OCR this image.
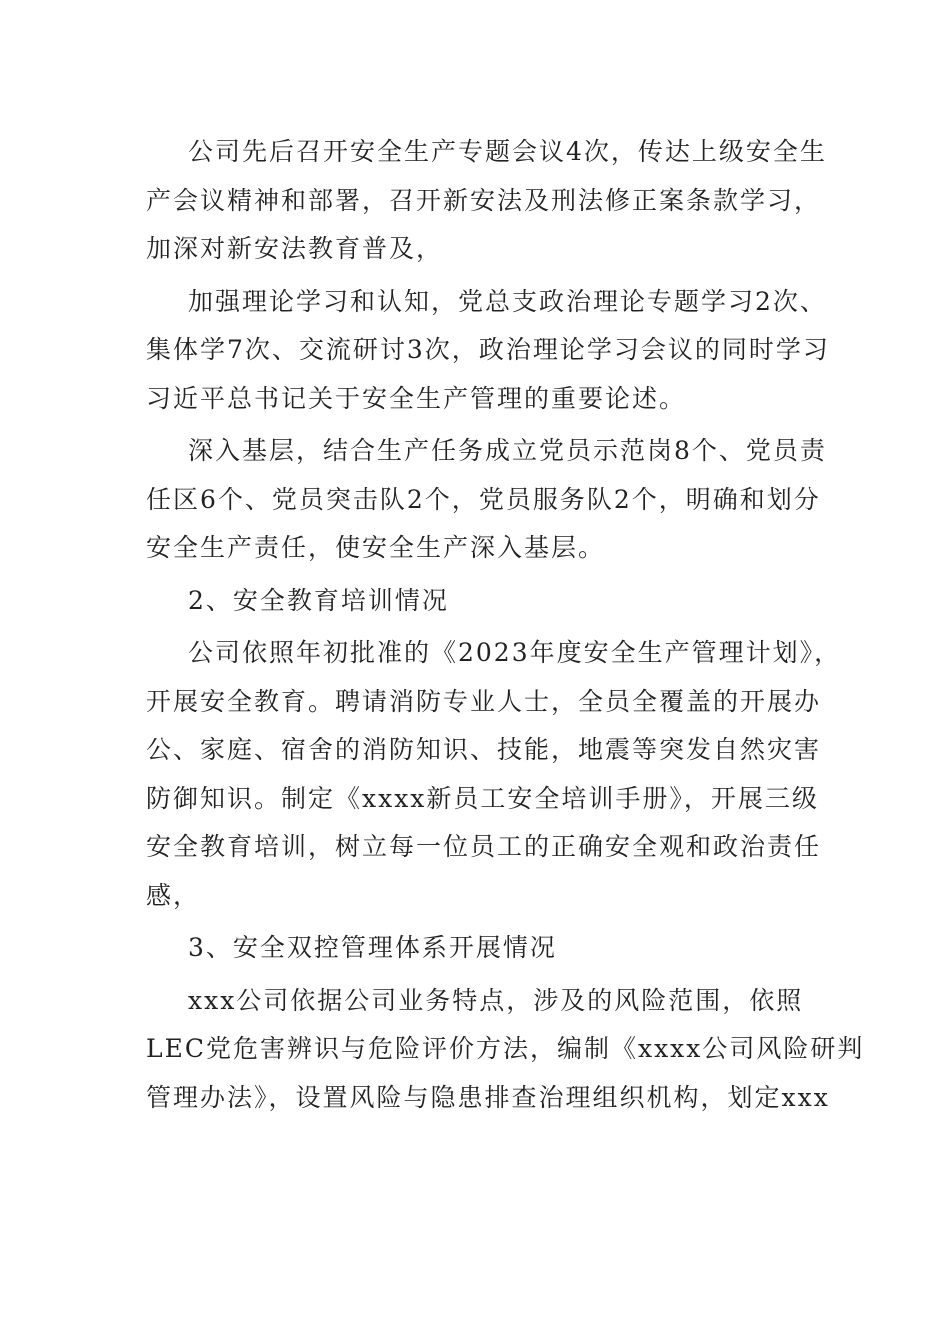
公司先后召开安全生产专题会议4次，传达上级安全生
产会议精神和部署，召开新安法及刑法修正案条款学习，
加深对新安法教育普及，

加强理论学习和认知，党总支政治理论专题学习2次、
集体学7次、交流研讨3次，政治理论学习会议的同时学习
习近平总书记关于安全生产管理的重要论述。

深入基层，结合生产任务成立党员示范岗8个、党员责
任区6个、党员突击队2个，党员服务队2个，明确和划分
安全生产责任，使安全生产深入基层。

2、安全教育培训情况

公司依照年初批准的《2023年度安全生产管理计划》，
开展安全教育。聘请消防专业人士，全员全覆盖的开展办
公、家庭、宿舍的消防知识、技能，地震等突发自然灾害
防御知识。制定《xxxx新员工安全培训手册》，开展三级
安全教育培训，树立每一位员工的正确安全观和政治责任
感，

3、安全双控管理体系开展情况

xxx公司依据公司业务特点，涉及的风险范围，依照
LEC党危害辨识与危险评价方法，编制《xxxx公司风险研判
管理办法》，设置风险与隐患排查治理组织机构，划定xxx
